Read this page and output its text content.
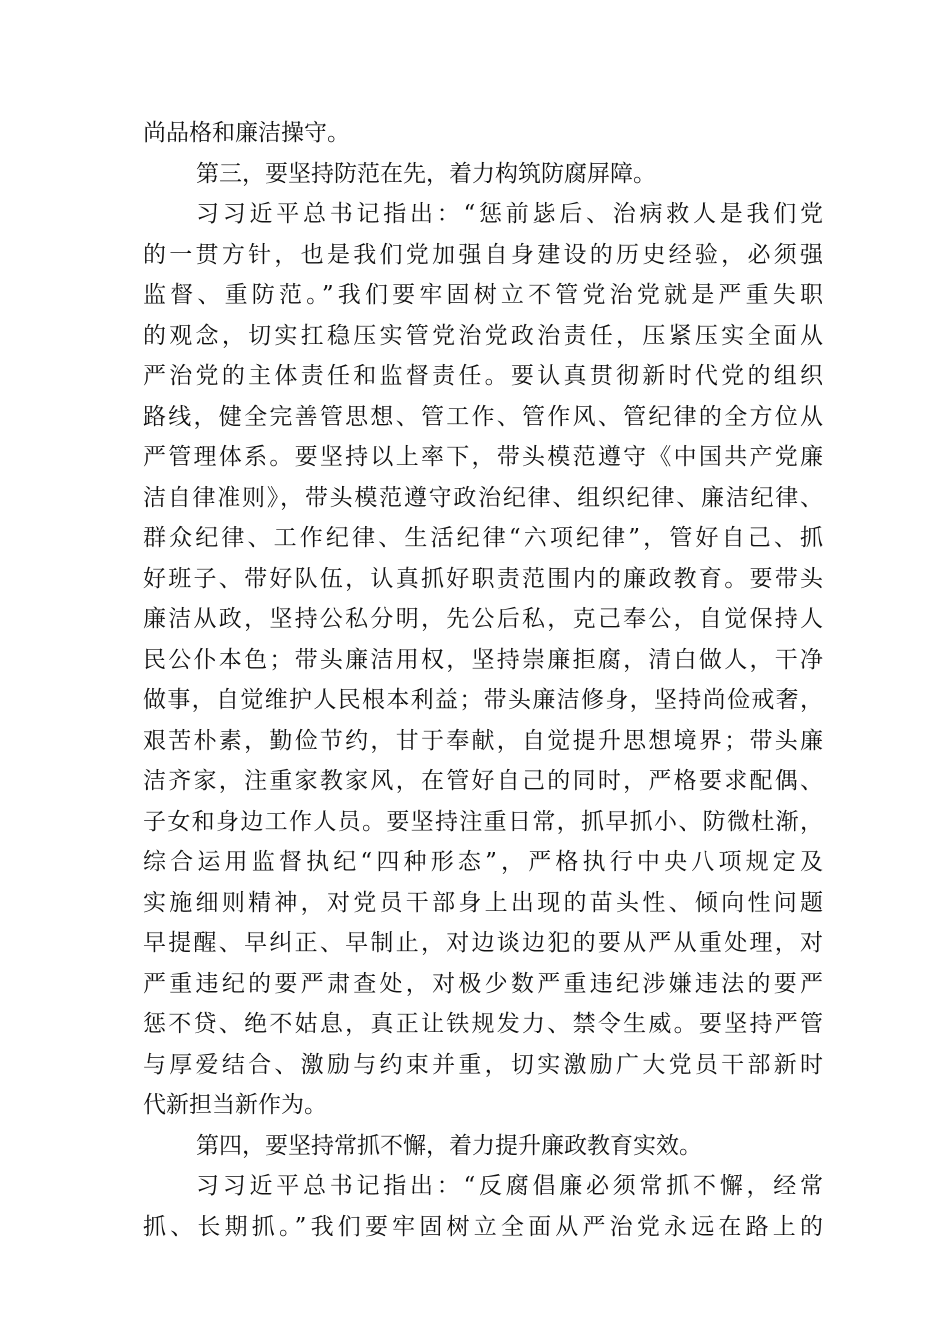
尚品格和廉洁操守。
第三，要坚持防范在先，着力构筑防腐屏障。
习习近平总书记指出：“惩前毖后、治病救人是我们党
的一贯方针，也是我们党加强自身建设的历史经验，必须强
监督、重防范。”我们要牢固树立不管党治党就是严重失职
的观念，切实扛稳压实管党治党政治责任，压紧压实全面从
严治党的主体责任和监督责任。要认真贯彻新时代党的组织
路线，健全完善管思想、管工作、管作风、管纪律的全方位从
严管理体系。要坚持以上率下，带头模范遵守《中国共产党廉
洁自律准则》，带头模范遵守政治纪律、组织纪律、廉洁纪律、
群众纪律、工作纪律、生活纪律“六项纪律”，管好自己、抓
好班子、带好队伍，认真抓好职责范围内的廉政教育。要带头
廉洁从政，坚持公私分明，先公后私，克己奉公，自觉保持人
民公仆本色；带头廉洁用权，坚持崇廉拒腐，清白做人，干净
做事，自觉维护人民根本利益；带头廉洁修身，坚持尚俭戒奢，
艰苦朴素，勤俭节约，甘于奉献，自觉提升思想境界；带头廉
洁齐家，注重家教家风，在管好自己的同时，严格要求配偶、
子女和身边工作人员。要坚持注重日常，抓早抓小、防微杜渐，
综合运用监督执纪“四种形态”，严格执行中央八项规定及
实施细则精神，对党员干部身上出现的苗头性、倾向性问题
早提醒、早纠正、早制止，对边谈边犯的要从严从重处理，对
严重违纪的要严肃查处，对极少数严重违纪涉嫌违法的要严
惩不贷、绝不姑息，真正让铁规发力、禁令生威。要坚持严管
与厚爱结合、激励与约束并重，切实激励广大党员干部新时
代新担当新作为。
第四，要坚持常抓不懈，着力提升廉政教育实效。
习习近平总书记指出：“反腐倡廉必须常抓不懈，经常
抓、长期抓。”我们要牢固树立全面从严治党永远在路上的
